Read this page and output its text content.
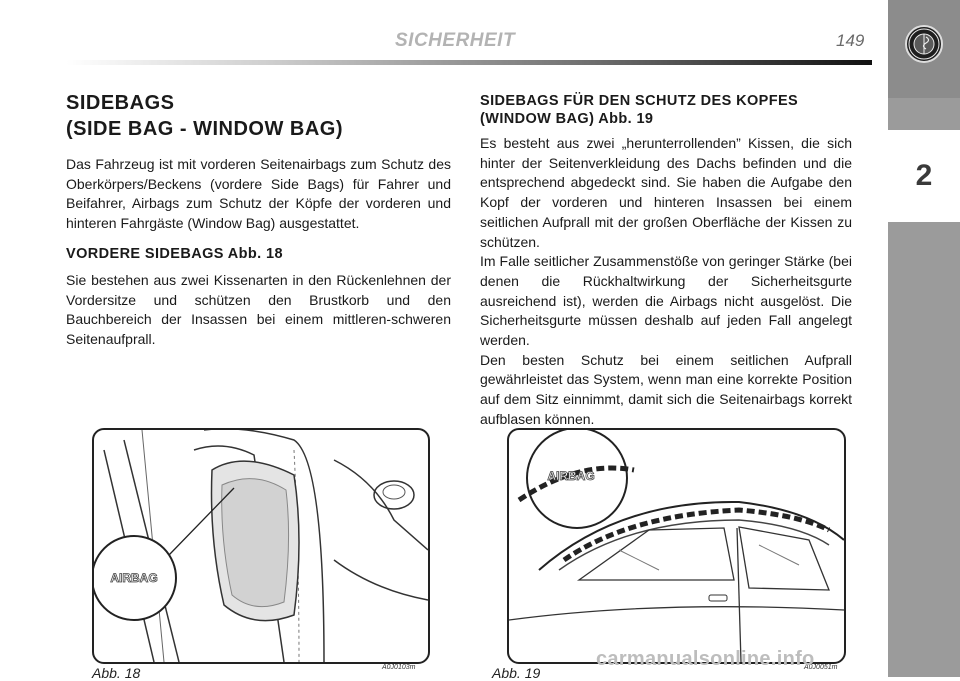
2
SICHERHEIT	149
SIDEBAGS
(SIDE BAG - WINDOW BAG)
Das Fahrzeug ist mit vorderen Seitenairbags zum Schutz des Oberkörpers/Beckens (vordere Side Bags) für Fahrer und Beifahrer, Airbags zum Schutz der Köpfe der vorderen und hinteren Fahrgäste (Window Bag) ausgestattet.
VORDERE SIDEBAGS Abb. 18
Sie bestehen aus zwei Kissenarten in den Rückenlehnen der Vordersitze und schützen den Brustkorb und den Bauchbereich der Insassen bei einem mittleren-schweren Seitenaufprall.
SIDEBAGS FÜR DEN SCHUTZ DES KOPFES
(WINDOW BAG) Abb. 19
Es besteht aus zwei „herunterrollenden” Kissen, die sich hinter der Seitenverkleidung des Dachs befinden und die entsprechend abgedeckt sind. Sie haben die Aufgabe den Kopf der vorderen und hinteren Insassen bei einem seitlichen Aufprall mit der großen Oberfläche der Kissen zu schützen.
Im Falle seitlicher Zusammenstöße von geringer Stärke (bei denen die Rückhaltwirkung der Sicherheitsgurte ausreichend ist), werden die Airbags nicht ausgelöst. Die Sicherheitsgurte müssen deshalb auf jeden Fall angelegt werden.
Den besten Schutz bei einem seitlichen Aufprall gewährleistet das System, wenn man eine korrekte Position auf dem Sitz einnimmt, damit sich die Seitenairbags korrekt aufblasen können.
AIRBAG
Abb. 18	A0J0103m
AIRBAG
Abb. 19	A0J0051m
carmanualsonline.info
